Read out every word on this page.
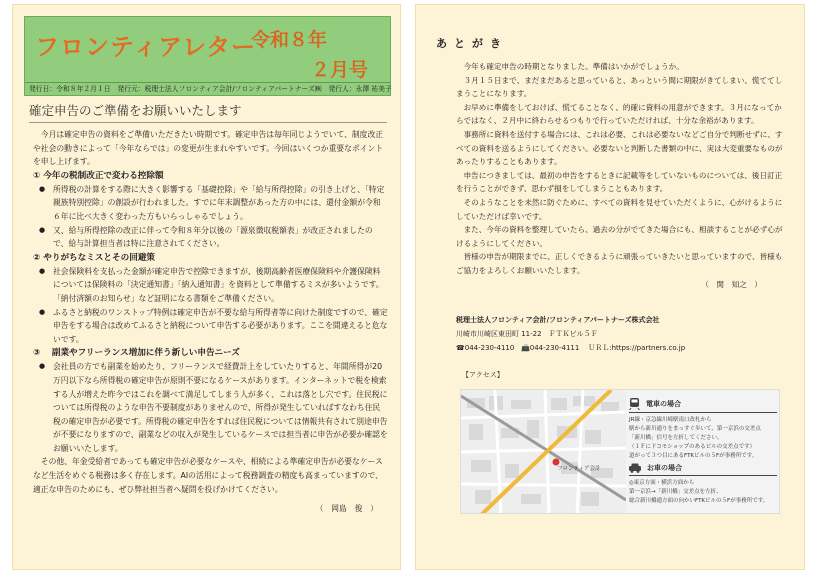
フロンティアレター
令和８年
２月号
発行日：令和８年２月１日　発行元：税理士法人フロンティア会計/フロンティアパートナーズ㈱　発行人：永澤 祐美子
確定申告のご準備をお願いいたします

今月は確定申告の資料をご準備いただきたい時期です。確定申告は毎年同じようでいて、制度改正や社会の動きによって「今年ならでは」の変更が生まれやすいです。今回はいくつか重要なポイントを申し上げます。

① 今年の税制改正で変わる控除額
● 所得税の計算をする際に大きく影響する「基礎控除」や「給与所得控除」の引き上げと、「特定親族特別控除」の創設が行われました。すでに年末調整があった方の中には、還付金額が令和６年に比べ大きく変わった方もいらっしゃるでしょう。
● 又、給与所得控除の改正に伴って令和８年分以後の「源泉徴収税額表」が改正されましたので、給与計算担当者は特に注意されてください。
② やりがちなミスとその回避策
● 社会保険料を支払った金額が確定申告で控除できますが、後期高齢者医療保険料や介護保険料については保険料の「決定通知書」「納入通知書」を資料として準備するミスが多いようです。「納付済額のお知らせ」など証明になる書類をご準備ください。
● ふるさと納税のワンストップ特例は確定申告が不要な給与所得者等に向けた制度ですので、確定申告をする場合は改めてふるさと納税について申告する必要があります。ここを間違えると危ないです。
③　 副業やフリーランス増加に伴う新しい申告ニーズ
● 会社員の方でも副業を始めたり、フリーランスで経費計上をしていたりすると、年間所得が20万円以下なら所得税の確定申告が原則不要になるケースがあります。インターネットで税を検索する人が増えた昨今ではこれを調べて満足してしまう人が多く、これは落とし穴です。住民税については所得税のような申告不要制度がありませんので、所得が発生していればすなわち住民税の確定申告が必要です。所得税の確定申告をすれば住民税については情報共有されて別途申告が不要になりますので、副業などの収入が発生しているケースでは担当者に申告が必要か確認をお願いいたします。

その他、年金受給者であっても確定申告が必要なケースや、相続による準確定申告が必要なケースなど生活をめぐる税務は多く存在します。AIの活用によって税務調査の精度も高まっていますので、適正な申告のためにも、ぜひ弊社担当者へ疑問を投げかけてください。

（　岡島　俊　）
あとがき

今年も確定申告の時期となりました。準備はいかがでしょうか。

３月１５日まで、まだまだあると思っていると、あっという間に期限がきてしまい、慌ててしまうことになります。

お早めに準備をしておけば、慌てることなく、的確に資料の用意ができます。３月になってからではなく、２月中に終わらせるつもりで行っていただければ、十分な余裕があります。

事務所に資料を送付する場合には、これは必要、これは必要ないなどご自分で判断せずに、すべての資料を送るようにしてください。必要ないと判断した書類の中に、実は大変重要なものがあったりすることもあります。

申告につきましては、最初の申告をするときに記載等をしていないものについては、後日訂正を行うことができず、思わず損をしてしまうこともあります。

そのようなことを未然に防ぐために、すべての資料を見せていただくように、心がけるようにしていただけば幸いです。

また、今年の資料を整理していたら、過去の分がでてきた場合にも、相談することが必ず心がけるようにしてください。

皆様の申告が期限までに、正しくできるように頑張っていきたいと思っていますので、皆様もご協力をよろしくお願いいたします。

（　関　知之　）
税理士法人フロンティア会計/フロンティアパートナーズ株式会社
川崎市川崎区東田町 11-22　ＦＴＫビル５Ｆ
☎044-230-4110 📠044-230-4111 ＵＲＬ:https://partners.co.jp
【アクセス】
フロンティア会計
電車の場合
JR線・京急線川崎駅南口改札から
駅から新川通りをまっすぐ歩いて、第一京浜の交差点
「新川橋」信号を左折してください。
（１Ｆにドコモショップのあるビルの交差点です）
道がって３つ目にあるFTKビルの５Fが事務所です。
お車の場合
◎東京方面・横浜方面から
第一京浜→「新川橋」交差点を左折、
総合新川橋通方面の向かいFTKビルの５Fが事務所です。
